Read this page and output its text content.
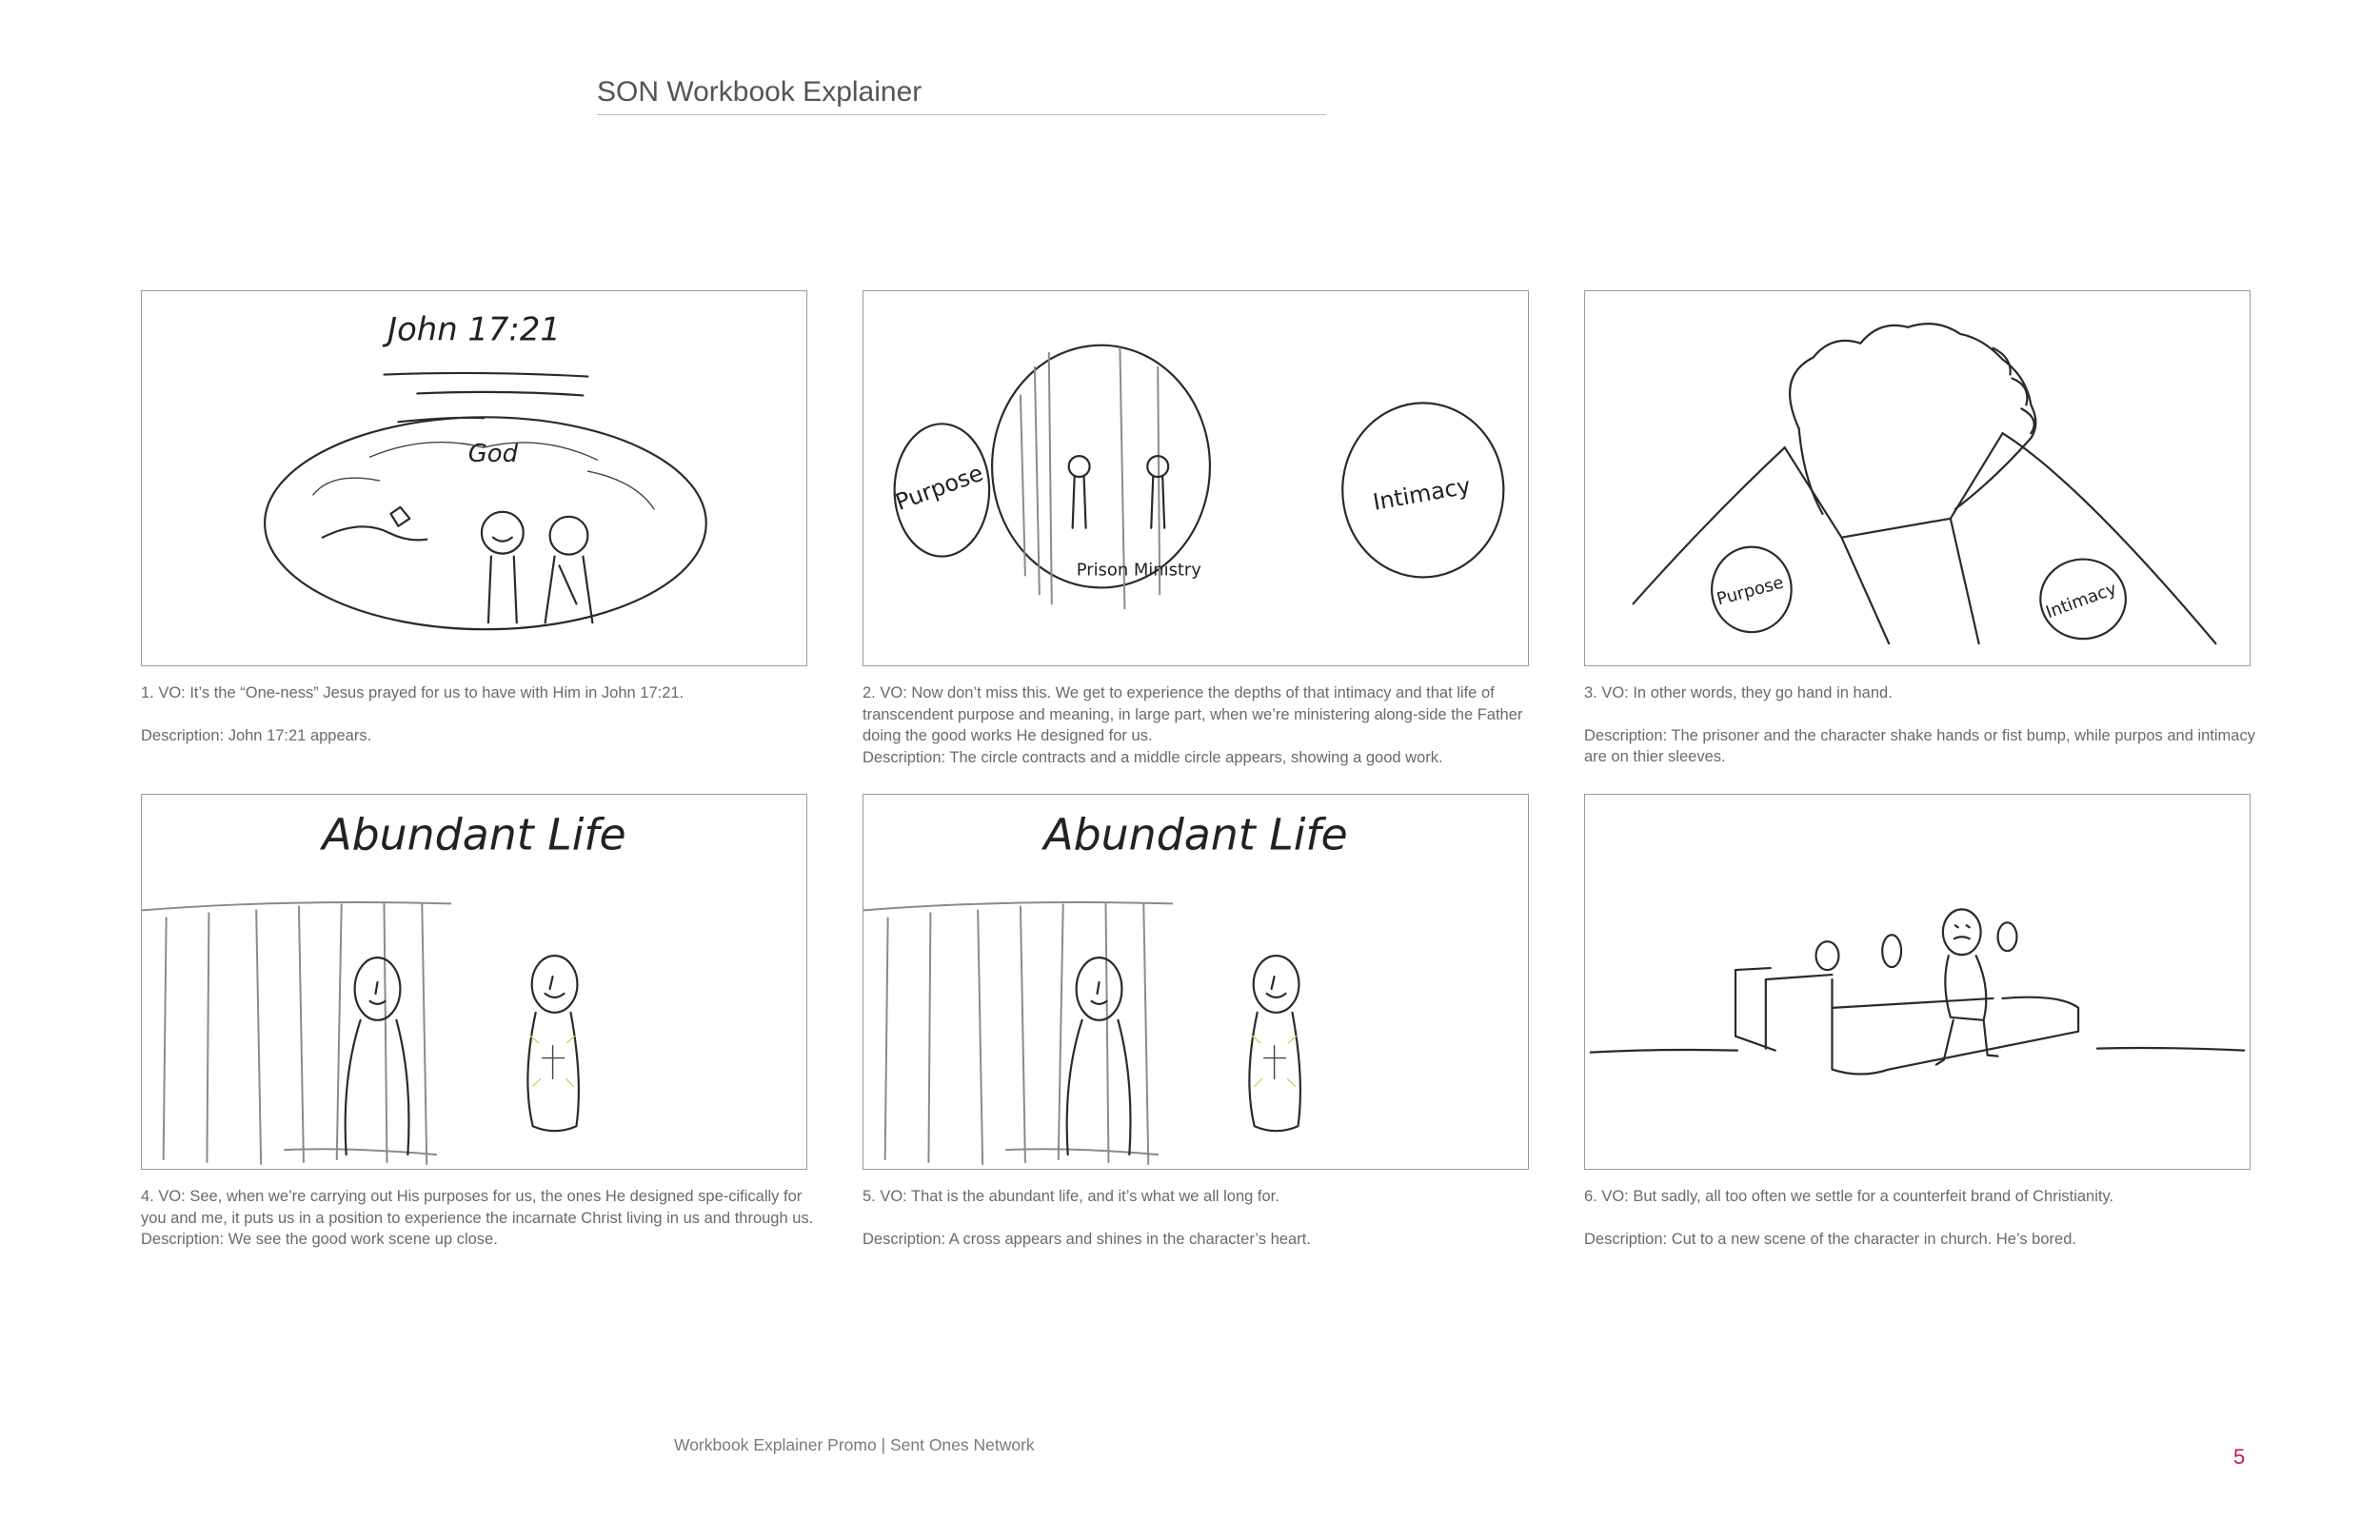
SON Workbook Explainer
John 17:21
God

1. VO: It’s the “One-ness” Jesus prayed for us to have with Him in John 17:21.

Description: John 17:21 appears.

Purpose
Prison Ministry
Intimacy

2. VO: Now don’t miss this. We get to experience the depths of that intimacy and that life of transcendent purpose and meaning, in large part, when we’re ministering along-side the Father doing the good works He designed for us.

Description: The circle contracts and a middle circle appears, showing a good work.

Purpose	Intimacy

3. VO: In other words, they go hand in hand.

Description: The prisoner and the character shake hands or fist bump, while purpos and intimacy are on thier sleeves.

Abundant Life

4. VO: See, when we’re carrying out His purposes for us, the ones He designed spe-cifically for you and me, it puts us in a position to experience the incarnate Christ living in us and through us.

Description: We see the good work scene up close.

Abundant Life

5. VO: That is the abundant life, and it’s what we all long for.

Description: A cross appears and shines in the character’s heart.

6. VO: But sadly, all too often we settle for a counterfeit brand of Christianity.

Description: Cut to a new scene of the character in church. He’s bored.

Workbook Explainer Promo | Sent Ones Network	5
